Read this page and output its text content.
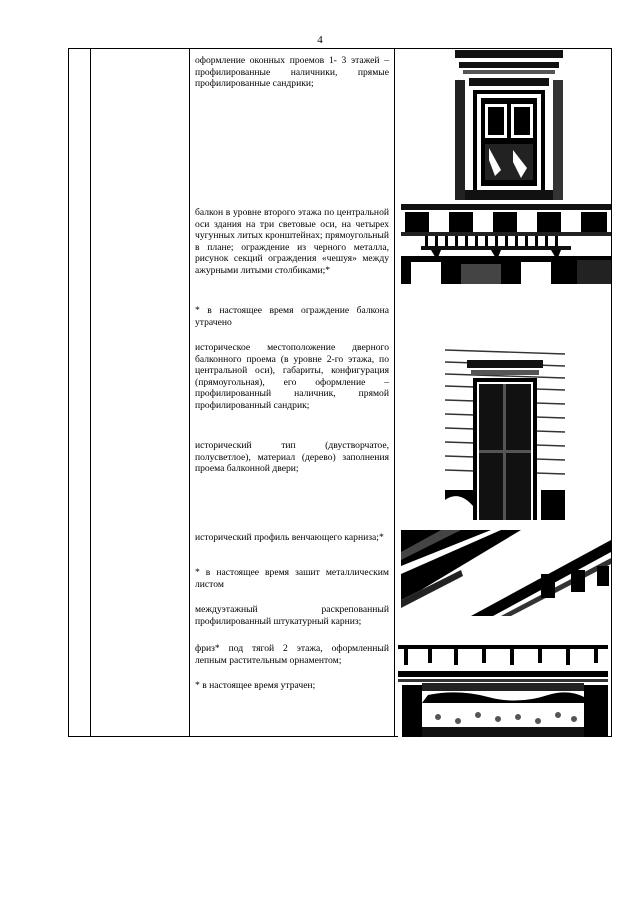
4

оформление оконных проемов 1- 3 этажей – профилированные наличники, прямые профилированные сандрики;

балкон в уровне второго этажа по центральной оси здания на три световые оси, на четырех чугунных литых кронштейнах; прямоугольный в плане; ограждение из черного металла, рисунок секций ограждения «чешуя» между ажурными литыми столбиками;*

* в настоящее время ограждение балкона утрачено

историческое местоположение дверного балконного проема (в уровне 2-го этажа, по центральной оси), габариты, конфигурация (прямоугольная), его оформление – профилированный наличник, прямой профилированный сандрик;

исторический тип (двустворчатое, полусветлое), материал (дерево) заполнения проема балконной двери;

исторический профиль венчающего карниза;*

* в настоящее время зашит металлическим листом

междуэтажный раскрепованный профилированный штукатурный карниз;

фриз* под тягой 2 этажа, оформленный лепным растительным орнаментом;

* в настоящее время утрачен;
